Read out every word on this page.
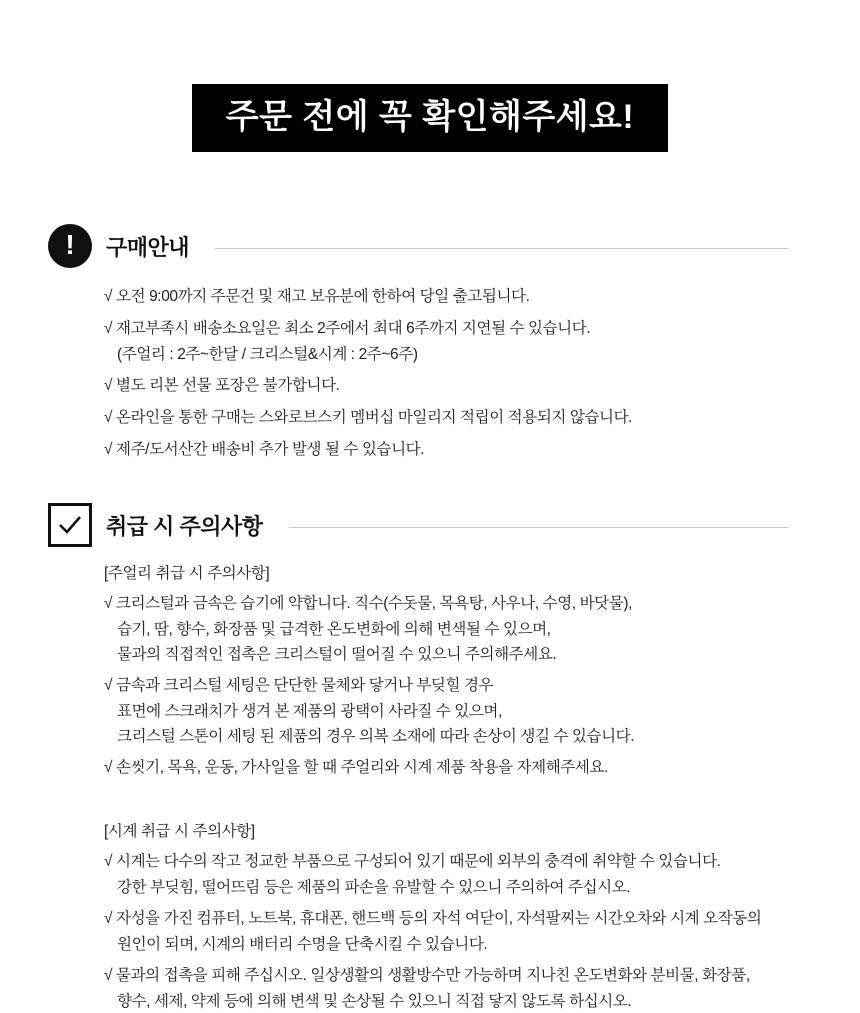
주문 전에 꼭 확인해주세요!
! 구매안내
√ 오전 9:00까지 주문건 및 재고 보유분에 한하여 당일 출고됩니다.
√ 재고부족시 배송소요일은 최소 2주에서 최대 6주까지 지연될 수 있습니다.
(주얼리 : 2주~한달 / 크리스털&시계 : 2주~6주)
√ 별도 리본 선물 포장은 불가합니다.
√ 온라인을 통한 구매는 스와로브스키 멤버십 마일리지 적립이 적용되지 않습니다.
√ 제주/도서산간 배송비 추가 발생 될 수 있습니다.
취급 시 주의사항
[주얼리 취급 시 주의사항]
√ 크리스털과 금속은 습기에 약합니다. 직수(수돗물, 목욕탕, 사우나, 수영, 바닷물),
습기, 땀, 향수, 화장품 및 급격한 온도변화에 의해 변색될 수 있으며,
물과의 직접적인 접촉은 크리스털이 떨어질 수 있으니 주의해주세요.
√ 금속과 크리스털 세팅은 단단한 물체와 닿거나 부딪힐 경우
표면에 스크래치가 생겨 본 제품의 광택이 사라질 수 있으며,
크리스털 스톤이 세팅 된 제품의 경우 의복 소재에 따라 손상이 생길 수 있습니다.
√ 손씻기, 목욕, 운동, 가사일을 할 때 주얼리와 시계 제품 착용을 자제해주세요.
[시계 취급 시 주의사항]
√ 시계는 다수의 작고 정교한 부품으로 구성되어 있기 때문에 외부의 충격에 취약할 수 있습니다.
강한 부딪힘, 떨어뜨림 등은 제품의 파손을 유발할 수 있으니 주의하여 주십시오.
√ 자성을 가진 컴퓨터, 노트북, 휴대폰, 핸드백 등의 자석 여닫이, 자석팔찌는 시간오차와 시계 오작동의
원인이 되며, 시계의 배터리 수명을 단축시킬 수 있습니다.
√ 물과의 접촉을 피해 주십시오. 일상생활의 생활방수만 가능하며 지나친 온도변화와 분비물, 화장품,
향수, 세제, 약제 등에 의해 변색 및 손상될 수 있으니 직접 닿지 않도록 하십시오.
